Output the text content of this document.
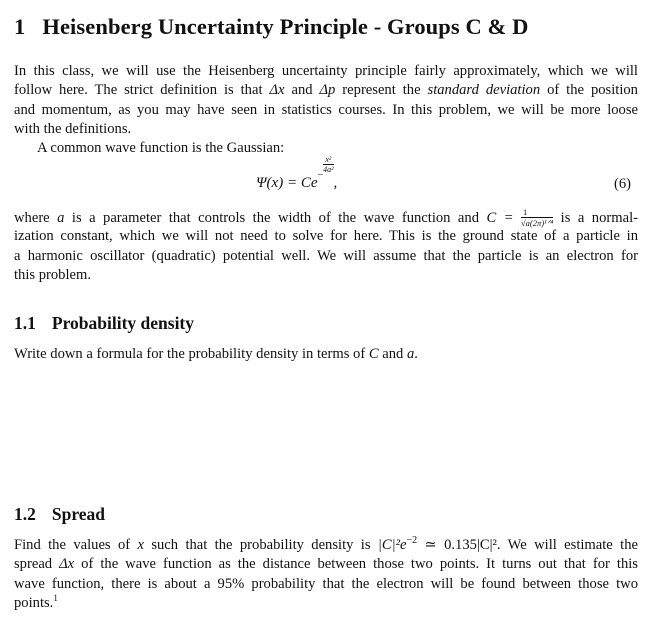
1 Heisenberg Uncertainty Principle - Groups C & D
In this class, we will use the Heisenberg uncertainty principle fairly approximately, which we will
follow here. The strict definition is that Δx and Δp represent the standard deviation of the position
and momentum, as you may have seen in statistics courses. In this problem, we will be more loose
with the definitions.
A common wave function is the Gaussian:
$\Psi(x) = Ce^{- \frac{\text{x²}}{\text{4a²}}}$
,	(6)
where a is a parameter that controls the width of the wave function and C = 1
√a(2π)¹ᐟ⁴ is a normal-
ization constant, which we will not need to solve for here. This is the ground state of a particle in
a harmonic oscillator (quadratic) potential well. We will assume that the particle is an electron for
this problem.
1.1 Probability density
Write down a formula for the probability density in terms of C and a.
1.2 Spread
Find the values of x such that the probability density is $|C|^2e^{-2}$ ≃ 0.135|C|². We will estimate the
spread Δx of the wave function as the distance between those two points. It turns out that for this
wave function, there is about a 95% probability that the electron will be found between those two
points.$^1$
